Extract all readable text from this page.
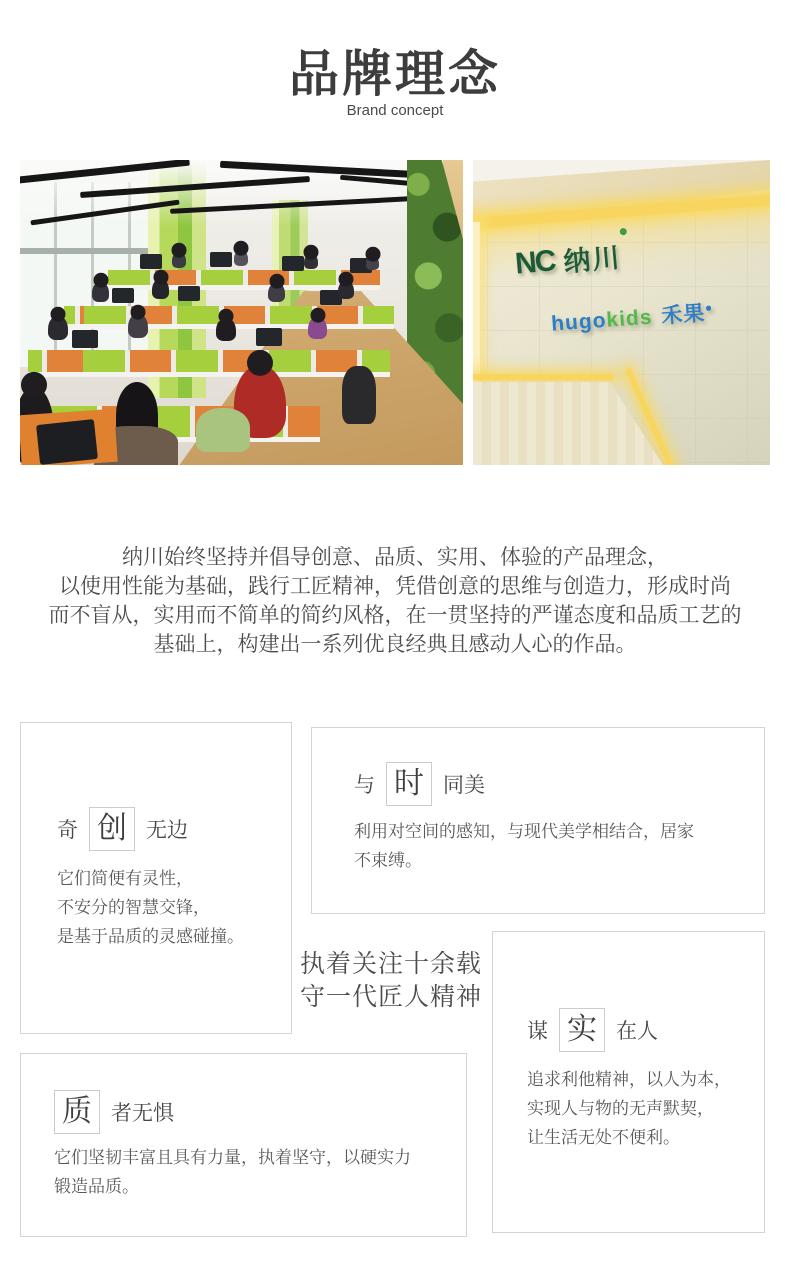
品牌理念
Brand concept
NC 纳川
hugokids 禾果●
纳川始终坚持并倡导创意、品质、实用、体验的产品理念，
以使用性能为基础，践行工匠精神，凭借创意的思维与创造力，形成时尚
而不盲从，实用而不简单的简约风格，在一贯坚持的严谨态度和品质工艺的
基础上，构建出一系列优良经典且感动人心的作品。
奇 创 无边
它们简便有灵性，
不安分的智慧交锋，
是基于品质的灵感碰撞。
与 时 同美
利用对空间的感知，与现代美学相结合，居家
不束缚。
执着关注十余载
守一代匠人精神
谋 实 在人
追求利他精神，以人为本，
实现人与物的无声默契，
让生活无处不便利。
质 者无惧
它们坚韧丰富且具有力量，执着坚守，以硬实力
锻造品质。
